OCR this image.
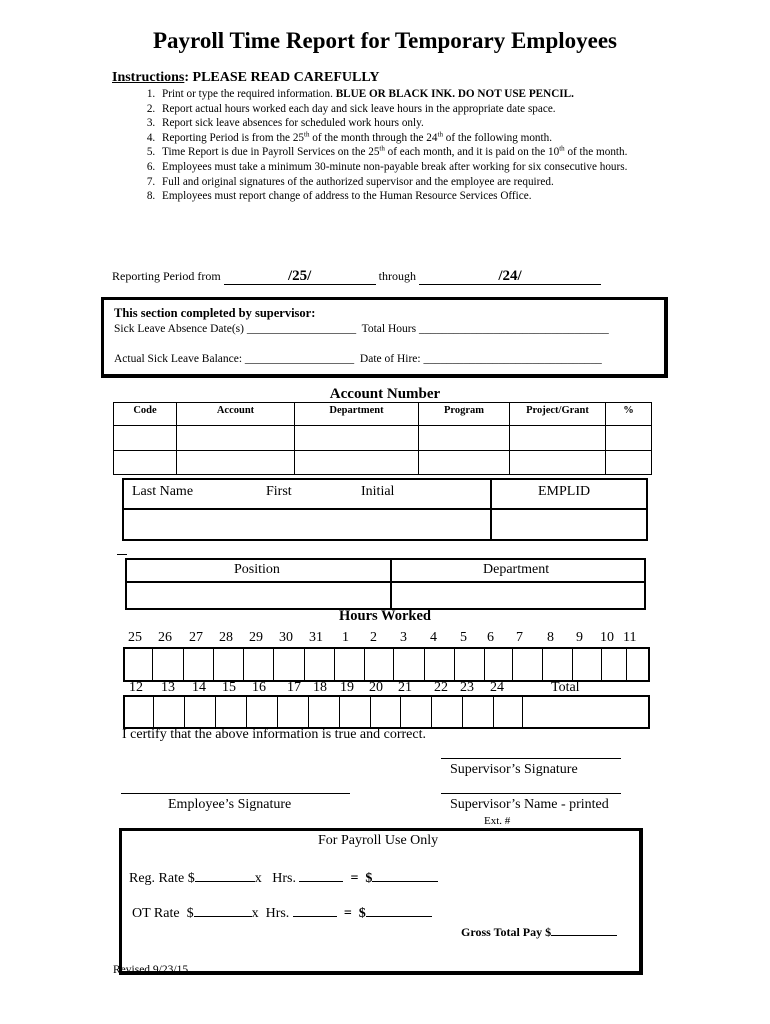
Payroll Time Report for Temporary Employees
Instructions: PLEASE READ CAREFULLY
1. Print or type the required information. BLUE OR BLACK INK. DO NOT USE PENCIL.
2. Report actual hours worked each day and sick leave hours in the appropriate date space.
3. Report sick leave absences for scheduled work hours only.
4. Reporting Period is from the 25th of the month through the 24th of the following month.
5. Time Report is due in Payroll Services on the 25th of each month, and it is paid on the 10th of the month.
6. Employees must take a minimum 30-minute non-payable break after working for six consecutive hours.
7. Full and original signatures of the authorized supervisor and the employee are required.
8. Employees must report change of address to the Human Resource Services Office.
Reporting Period from	/25/	through	/24/
This section completed by supervisor:
Sick Leave Absence Date(s) ___________________  Total Hours _________________________________
Actual Sick Leave Balance: ___________________  Date of Hire: _______________________________
Account Number
Code	Account	Department	Program	Project/Grant	%

Last Name	First	Initial	EMPLID
Position	Department
Hours Worked
25 26 27 28 29 30 31 1 2 3 4 5 6 7 8 9 10 11
12 13 14 15 16 17 18 19 20 21 22 23 24	Total
I certify that the above information is true and correct.
Supervisor’s Signature
Employee’s Signature	Supervisor’s Name - printed
Ext. #
For Payroll Use Only
Reg. Rate $	x Hrs.	=  $
OT Rate  $	x Hrs.	=  $
Gross Total Pay $
Revised 9/23/15
